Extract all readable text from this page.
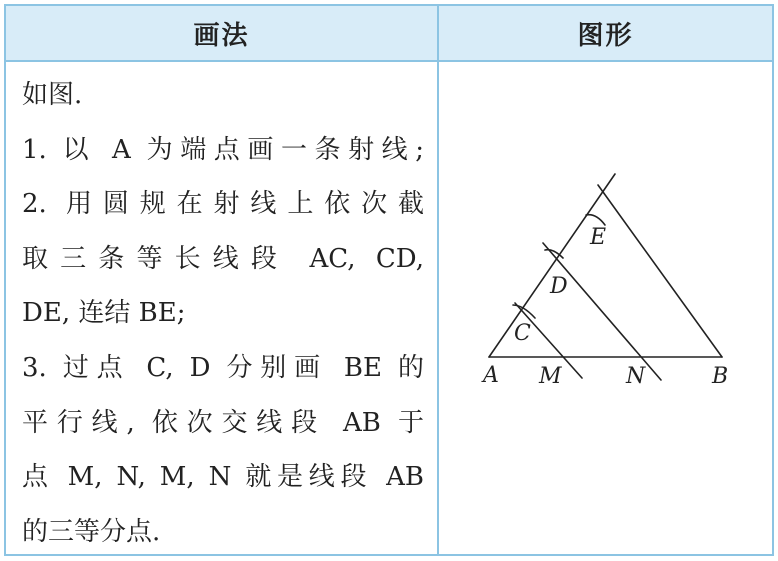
画法	图形
如图.
1. 以 A 为端点画一条射线;
2. 用圆规在射线上依次截
取三条等长线段 AC, CD,
DE, 连结 BE;
3. 过点 C, D 分别画 BE 的
平行线, 依次交线段 AB 于
点 M, N, M, N 就是线段 AB
的三等分点.
A M	N	B
C
D
E
